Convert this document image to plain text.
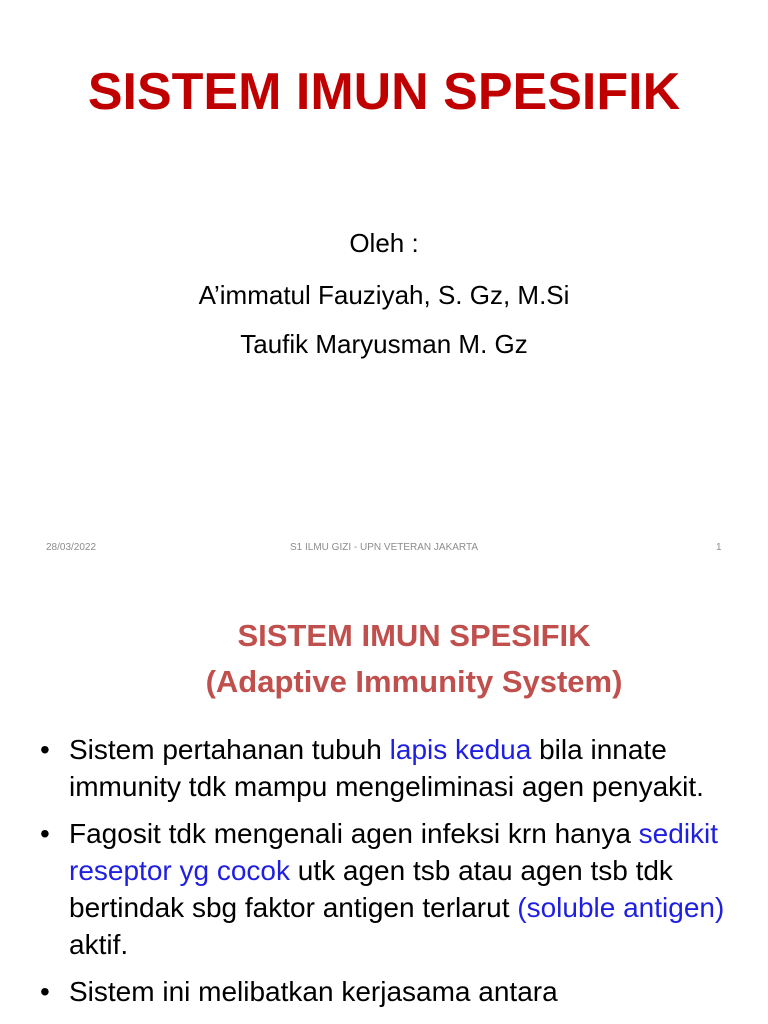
SISTEM IMUN SPESIFIK
Oleh :
A’immatul Fauziyah, S. Gz, M.Si
Taufik Maryusman M. Gz
28/03/2022	S1 ILMU GIZI - UPN VETERAN JAKARTA	1
SISTEM IMUN SPESIFIK
(Adaptive Immunity System)
• Sistem pertahanan tubuh lapis kedua bila innate immunity tdk mampu mengeliminasi agen penyakit.
• Fagosit tdk mengenali agen infeksi krn hanya sedikit reseptor yg cocok utk agen tsb atau agen tsb tdk bertindak sbg faktor antigen terlarut (soluble antigen) aktif.
• Sistem ini melibatkan kerjasama antara
